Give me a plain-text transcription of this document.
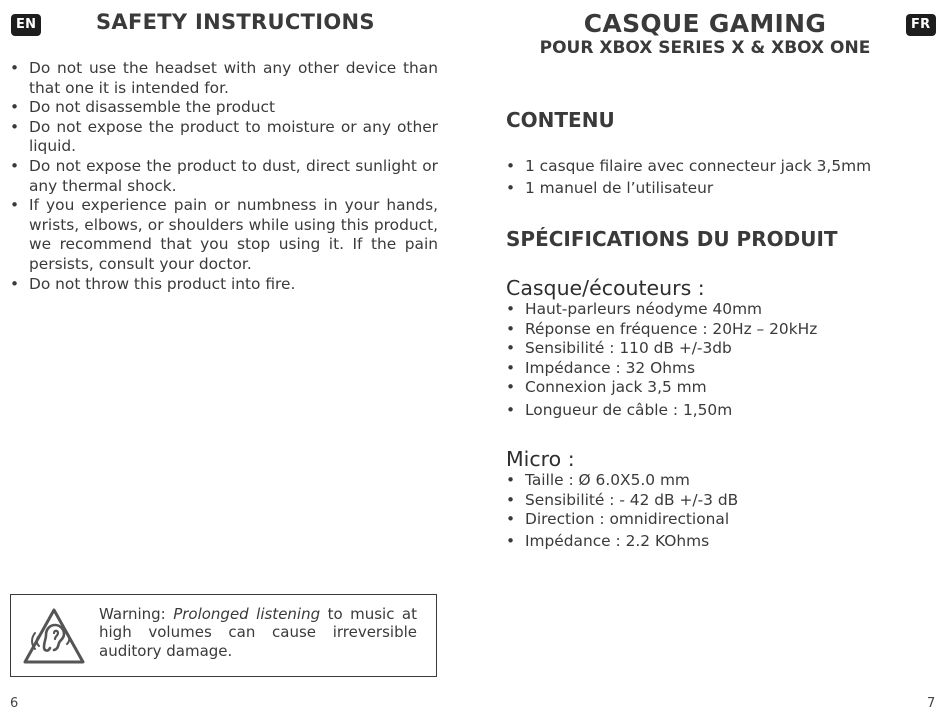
EN	SAFETY INSTRUCTIONS
• Do not use the headset with any other device than that one it is intended for.
• Do not disassemble the product
• Do not expose the product to moisture or any other liquid.
• Do not expose the product to dust, direct sunlight or any thermal shock.
• If you experience pain or numbness in your hands, wrists, elbows, or shoulders while using this product, we recommend that you stop using it. If the pain persists, consult your doctor.
• Do not throw this product into fire.

Warning: Prolonged listening to music at high volumes can cause irreversible auditory damage.

6
FR
CASQUE GAMING
POUR XBOX SERIES X & XBOX ONE
CONTENU
• 1 casque filaire avec connecteur jack 3,5mm
• 1 manuel de l’utilisateur
SPÉCIFICATIONS DU PRODUIT
Casque/écouteurs :
• Haut-parleurs néodyme 40mm
• Réponse en fréquence : 20Hz – 20kHz
• Sensibilité : 110 dB +/-3db
• Impédance : 32 Ohms
• Connexion jack 3,5 mm
• Longueur de câble : 1,50m
Micro :
• Taille : Ø 6.0X5.0 mm
• Sensibilité : - 42 dB +/-3 dB
• Direction : omnidirectional
• Impédance : 2.2 KOhms
7
